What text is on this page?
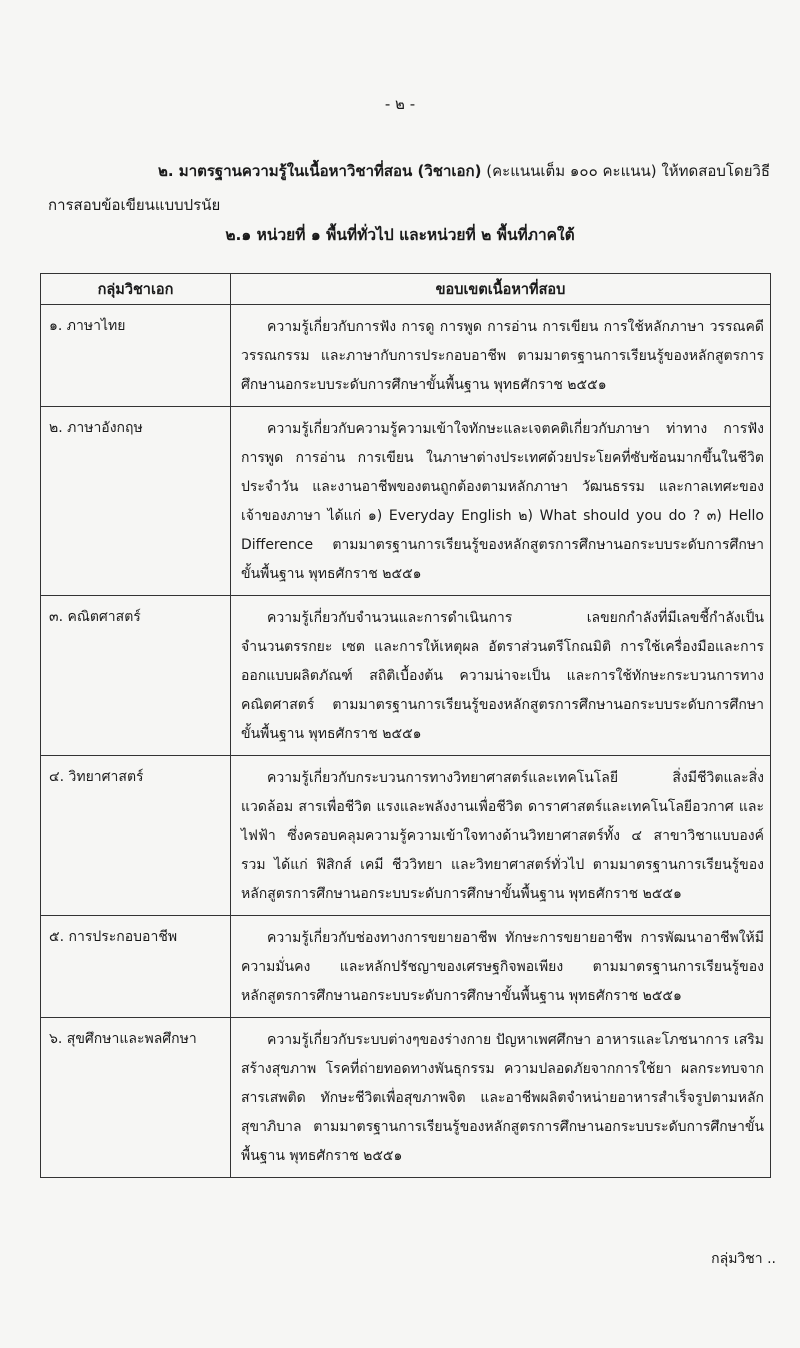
- ๒ -
๒. มาตรฐานความรู้ในเนื้อหาวิชาที่สอน (วิชาเอก) (คะแนนเต็ม ๑๐๐ คะแนน) ให้ทดสอบโดยวิธีการสอบข้อเขียนแบบปรนัย
๒.๑ หน่วยที่ ๑ พื้นที่ทั่วไป และหน่วยที่ ๒ พื้นที่ภาคใต้
กลุ่มวิชาเอก	ขอบเขตเนื้อหาที่สอบ
๑. ภาษาไทย	ความรู้เกี่ยวกับการฟัง การดู การพูด การอ่าน การเขียน การใช้หลักภาษา วรรณคดี วรรณกรรม และภาษากับการประกอบอาชีพ ตามมาตรฐานการเรียนรู้ของหลักสูตรการศึกษานอกระบบระดับการศึกษาขั้นพื้นฐาน พุทธศักราช ๒๕๕๑
๒. ภาษาอังกฤษ	ความรู้เกี่ยวกับความรู้ความเข้าใจทักษะและเจตคติเกี่ยวกับภาษา ท่าทาง การฟัง การพูด การอ่าน การเขียน ในภาษาต่างประเทศด้วยประโยคที่ซับซ้อนมากขึ้นในชีวิตประจำวัน และงานอาชีพของตนถูกต้องตามหลักภาษา วัฒนธรรม และกาลเทศะของเจ้าของภาษา ได้แก่ ๑) Everyday English ๒) What should you do ? ๓) Hello Difference ตามมาตรฐานการเรียนรู้ของหลักสูตรการศึกษานอกระบบระดับการศึกษาขั้นพื้นฐาน พุทธศักราช ๒๕๕๑
๓. คณิตศาสตร์	ความรู้เกี่ยวกับจำนวนและการดำเนินการ เลขยกกำลังที่มีเลขชี้กำลังเป็นจำนวนตรรกยะ เซต และการให้เหตุผล อัตราส่วนตรีโกณมิติ การใช้เครื่องมือและการออกแบบผลิตภัณฑ์ สถิติเบื้องต้น ความน่าจะเป็น และการใช้ทักษะกระบวนการทางคณิตศาสตร์ ตามมาตรฐานการเรียนรู้ของหลักสูตรการศึกษานอกระบบระดับการศึกษาขั้นพื้นฐาน พุทธศักราช ๒๕๕๑
๔. วิทยาศาสตร์	ความรู้เกี่ยวกับกระบวนการทางวิทยาศาสตร์และเทคโนโลยี สิ่งมีชีวิตและสิ่งแวดล้อม สารเพื่อชีวิต แรงและพลังงานเพื่อชีวิต ดาราศาสตร์และเทคโนโลยีอวกาศ และไฟฟ้า ซึ่งครอบคลุมความรู้ความเข้าใจทางด้านวิทยาศาสตร์ทั้ง ๔ สาขาวิชาแบบองค์รวม ได้แก่ ฟิสิกส์ เคมี ชีววิทยา และวิทยาศาสตร์ทั่วไป ตามมาตรฐานการเรียนรู้ของหลักสูตรการศึกษานอกระบบระดับการศึกษาขั้นพื้นฐาน พุทธศักราช ๒๕๕๑
๕. การประกอบอาชีพ	ความรู้เกี่ยวกับช่องทางการขยายอาชีพ ทักษะการขยายอาชีพ การพัฒนาอาชีพให้มีความมั่นคง และหลักปรัชญาของเศรษฐกิจพอเพียง ตามมาตรฐานการเรียนรู้ของหลักสูตรการศึกษานอกระบบระดับการศึกษาขั้นพื้นฐาน พุทธศักราช ๒๕๕๑
๖. สุขศึกษาและพลศึกษา	ความรู้เกี่ยวกับระบบต่างๆของร่างกาย ปัญหาเพศศึกษา อาหารและโภชนาการ เสริมสร้างสุขภาพ โรคที่ถ่ายทอดทางพันธุกรรม ความปลอดภัยจากการใช้ยา ผลกระทบจากสารเสพติด ทักษะชีวิตเพื่อสุขภาพจิต และอาชีพผลิตจำหน่ายอาหารสำเร็จรูปตามหลักสุขาภิบาล ตามมาตรฐานการเรียนรู้ของหลักสูตรการศึกษานอกระบบระดับการศึกษาขั้นพื้นฐาน พุทธศักราช ๒๕๕๑
กลุ่มวิชา ..
